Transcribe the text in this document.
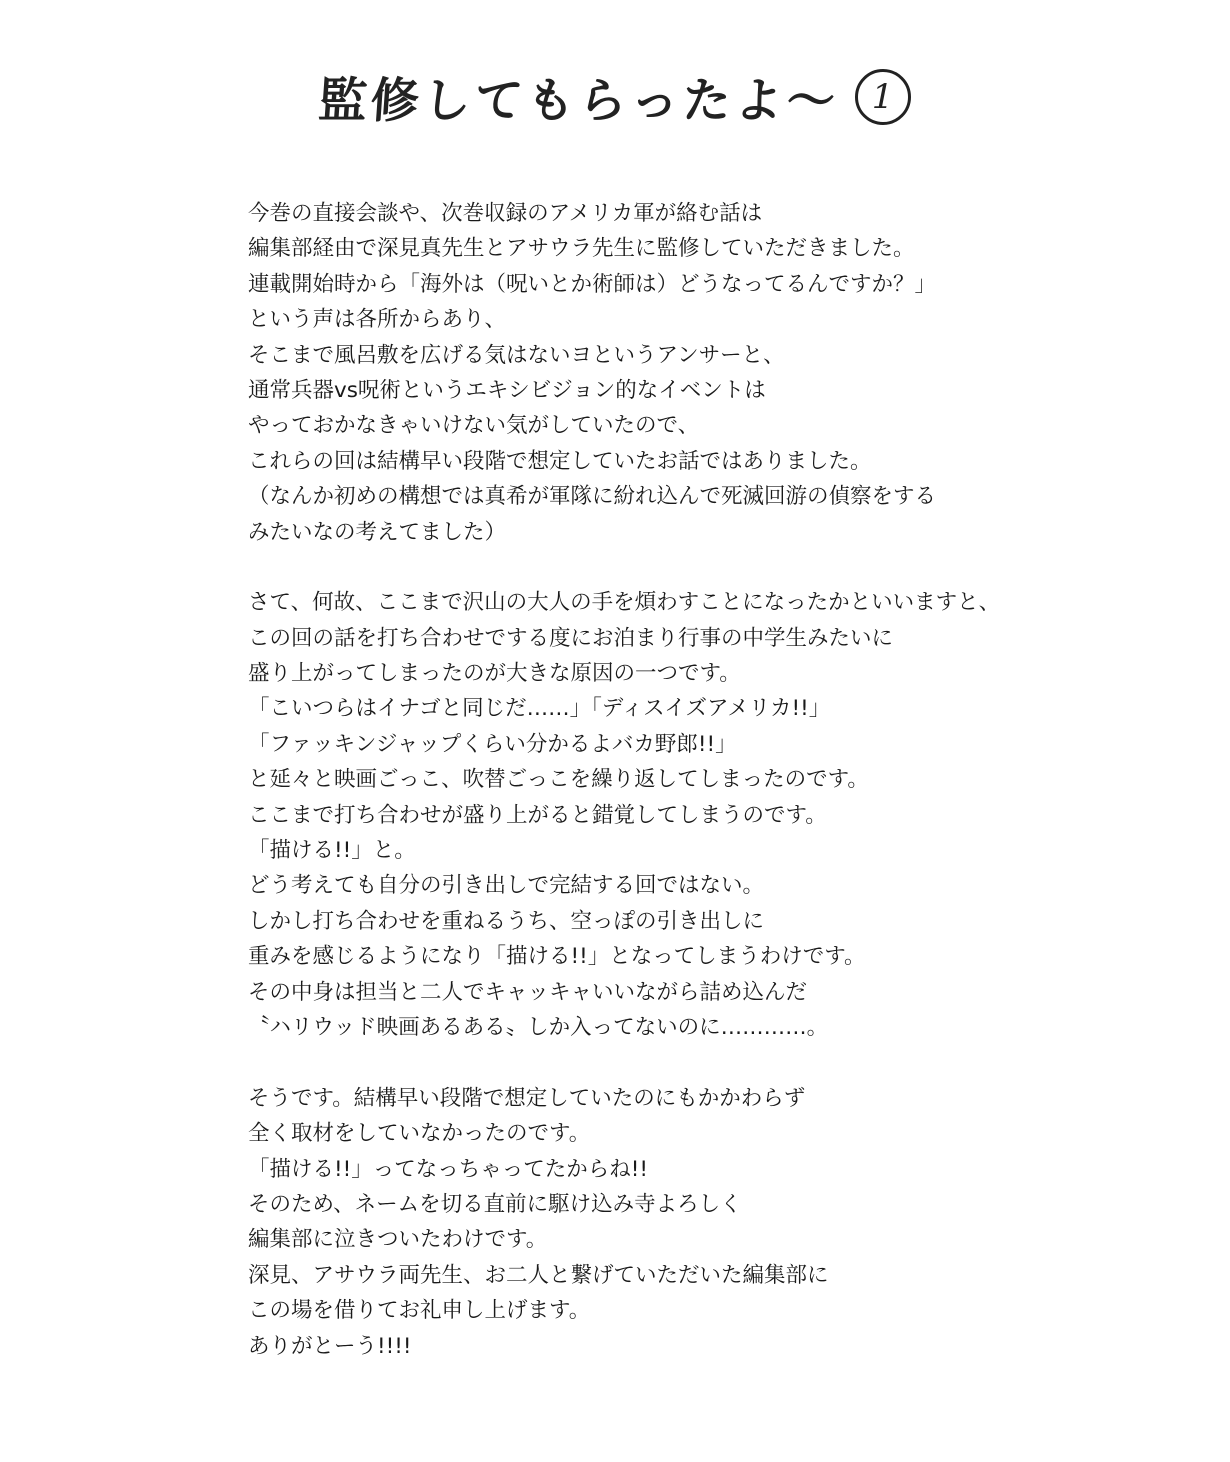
監修してもらったよ〜 1
今巻の直接会談や、次巻収録のアメリカ軍が絡む話は
編集部経由で深見真先生とアサウラ先生に監修していただきました。
連載開始時から「海外は（呪いとか術師は）どうなってるんですか？」
という声は各所からあり、
そこまで風呂敷を広げる気はないヨというアンサーと、
通常兵器vs呪術というエキシビジョン的なイベントは
やっておかなきゃいけない気がしていたので、
これらの回は結構早い段階で想定していたお話ではありました。
（なんか初めの構想では真希が軍隊に紛れ込んで死滅回游の偵察をする
みたいなの考えてました）
さて、何故、ここまで沢山の大人の手を煩わすことになったかといいますと、
この回の話を打ち合わせでする度にお泊まり行事の中学生みたいに
盛り上がってしまったのが大きな原因の一つです。
「こいつらはイナゴと同じだ……」「ディスイズアメリカ!!」
「ファッキンジャップくらい分かるよバカ野郎!!」
と延々と映画ごっこ、吹替ごっこを繰り返してしまったのです。
ここまで打ち合わせが盛り上がると錯覚してしまうのです。
「描ける!!」と。
どう考えても自分の引き出しで完結する回ではない。
しかし打ち合わせを重ねるうち、空っぽの引き出しに
重みを感じるようになり「描ける!!」となってしまうわけです。
その中身は担当と二人でキャッキャいいながら詰め込んだ
〝ハリウッド映画あるある〟しか入ってないのに…………。
そうです。結構早い段階で想定していたのにもかかわらず
全く取材をしていなかったのです。
「描ける!!」ってなっちゃってたからね!!
そのため、ネームを切る直前に駆け込み寺よろしく
編集部に泣きついたわけです。
深見、アサウラ両先生、お二人と繋げていただいた編集部に
この場を借りてお礼申し上げます。
ありがとーう!!!!
